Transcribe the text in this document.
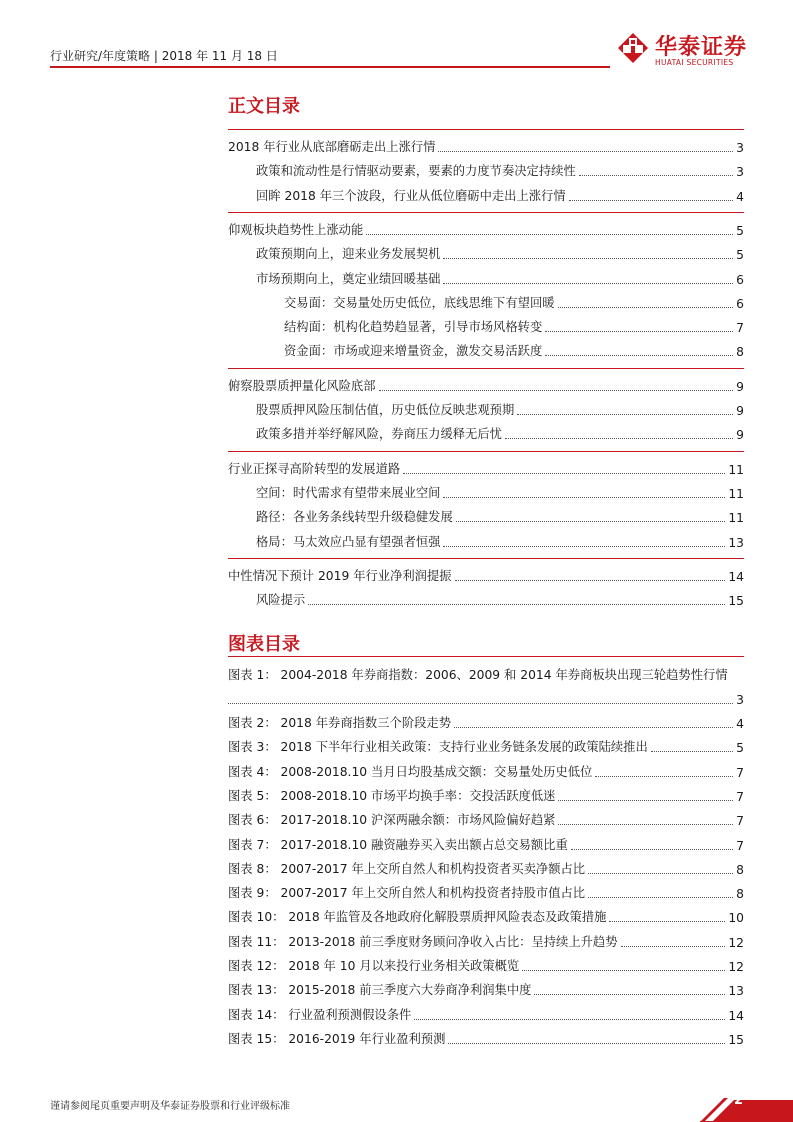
行业研究/年度策略 | 2018 年 11 月 18 日	华泰证券
HUATAI SECURITIES
正文目录
2018 年行业从底部磨砺走出上涨行情	3
政策和流动性是行情驱动要素，要素的力度节奏决定持续性	3
回眸 2018 年三个波段，行业从低位磨砺中走出上涨行情	4
仰观板块趋势性上涨动能	5
政策预期向上，迎来业务发展契机	5
市场预期向上，奠定业绩回暖基础	6
交易面：交易量处历史低位，底线思维下有望回暖	6
结构面：机构化趋势趋显著，引导市场风格转变	7
资金面：市场或迎来增量资金，激发交易活跃度	8
俯察股票质押量化风险底部	9
股票质押风险压制估值，历史低位反映悲观预期	9
政策多措并举纾解风险，券商压力缓释无后忧	9
行业正探寻高阶转型的发展道路	11
空间：时代需求有望带来展业空间	11
路径：各业务条线转型升级稳健发展	11
格局：马太效应凸显有望强者恒强	13
中性情况下预计 2019 年行业净利润提振	14
风险提示	15
图表目录
图表 1： 2004-2018 年券商指数：2006、2009 和 2014 年券商板块出现三轮趋势性行情
3
图表 2： 2018 年券商指数三个阶段走势	4
图表 3： 2018 下半年行业相关政策：支持行业业务链条发展的政策陆续推出	5
图表 4： 2008-2018.10 当月日均股基成交额：交易量处历史低位	7
图表 5： 2008-2018.10 市场平均换手率：交投活跃度低迷	7
图表 6： 2017-2018.10 沪深两融余额：市场风险偏好趋紧	7
图表 7： 2017-2018.10 融资融券买入卖出额占总交易额比重	7
图表 8： 2007-2017 年上交所自然人和机构投资者买卖净额占比	8
图表 9： 2007-2017 年上交所自然人和机构投资者持股市值占比	8
图表 10： 2018 年监管及各地政府化解股票质押风险表态及政策措施	10
图表 11： 2013-2018 前三季度财务顾问净收入占比：呈持续上升趋势	12
图表 12： 2018 年 10 月以来投行业务相关政策概览	12
图表 13： 2015-2018 前三季度六大券商净利润集中度	13
图表 14： 行业盈利预测假设条件	14
图表 15： 2016-2019 年行业盈利预测	15
谨请参阅尾页重要声明及华泰证券股票和行业评级标准	2
